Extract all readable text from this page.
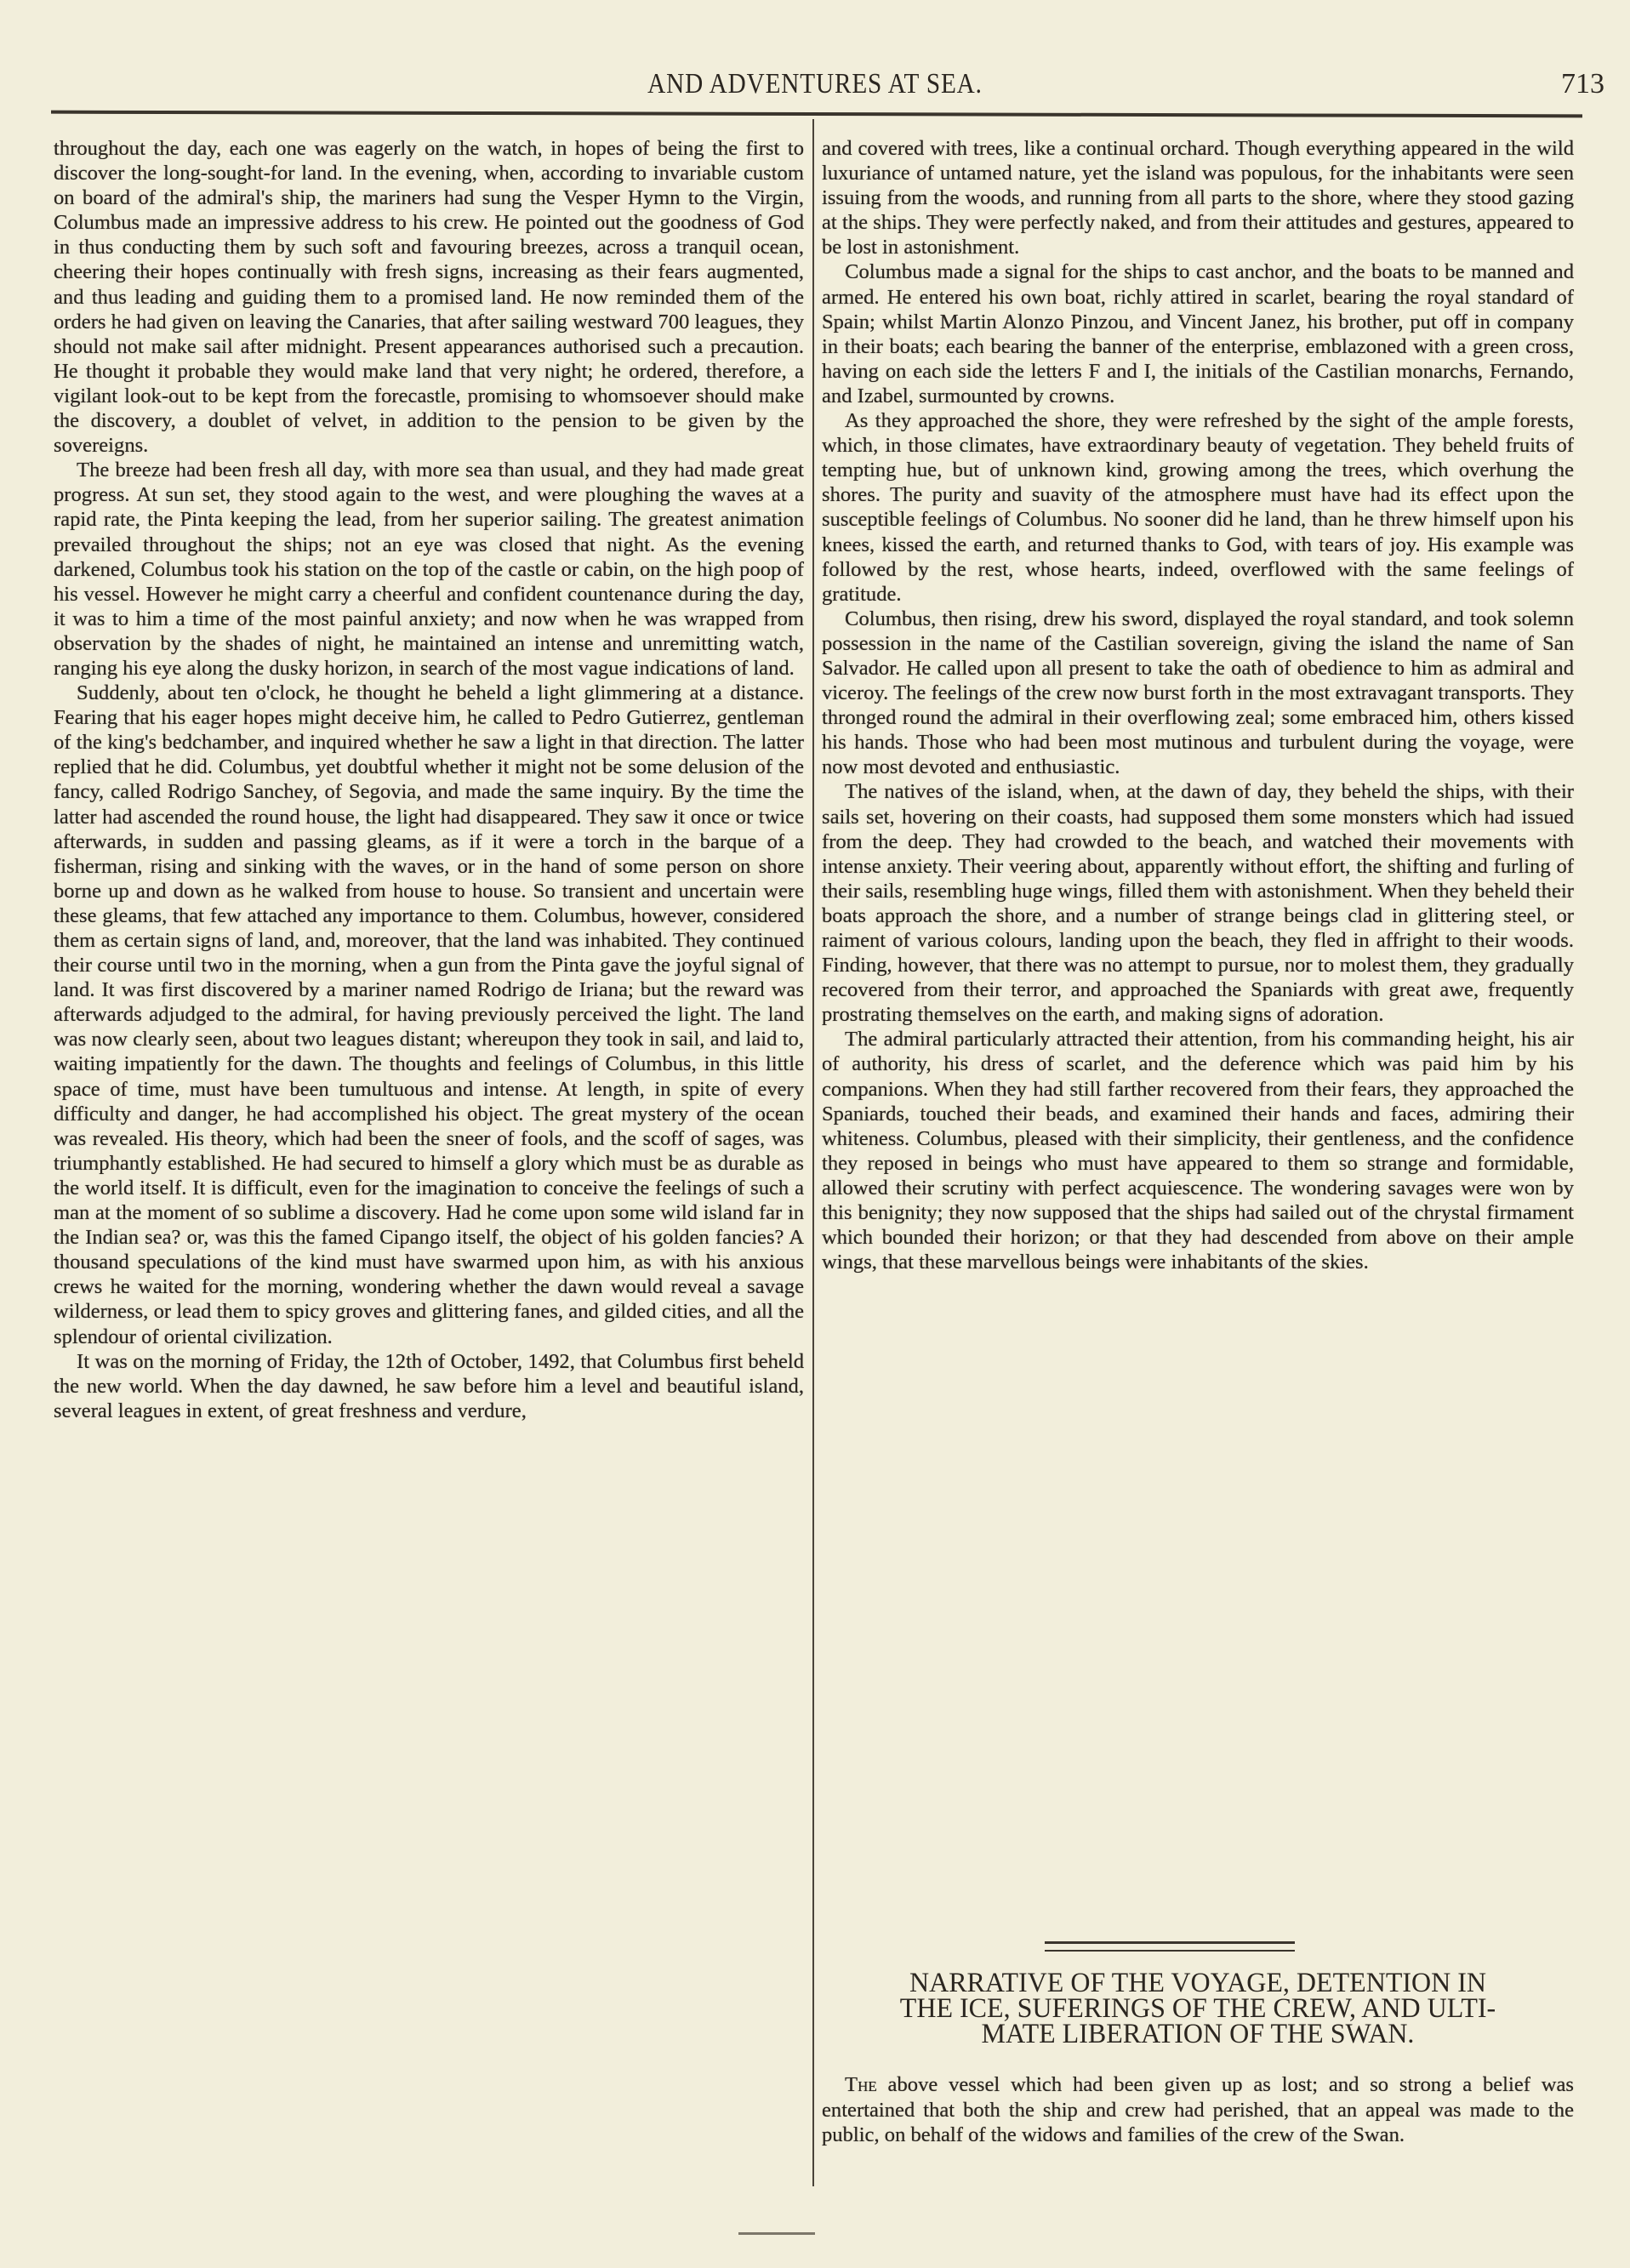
AND ADVENTURES AT SEA.	713

throughout the day, each one was eagerly on the watch, in hopes of being the first to discover the long-sought-for land. In the evening, when, according to invariable custom on board of the admiral's ship, the mariners had sung the Vesper Hymn to the Virgin, Columbus made an impressive address to his crew. He pointed out the goodness of God in thus conducting them by such soft and favouring breezes, across a tranquil ocean, cheering their hopes continually with fresh signs, increasing as their fears augmented, and thus leading and guiding them to a promised land. He now reminded them of the orders he had given on leaving the Canaries, that after sailing westward 700 leagues, they should not make sail after midnight. Present appearances authorised such a precaution. He thought it probable they would make land that very night; he ordered, therefore, a vigilant look-out to be kept from the forecastle, promising to whomsoever should make the discovery, a doublet of velvet, in addition to the pension to be given by the sovereigns.

The breeze had been fresh all day, with more sea than usual, and they had made great progress. At sun set, they stood again to the west, and were ploughing the waves at a rapid rate, the Pinta keeping the lead, from her superior sailing. The greatest animation prevailed throughout the ships; not an eye was closed that night. As the evening darkened, Columbus took his station on the top of the castle or cabin, on the high poop of his vessel. However he might carry a cheerful and confident countenance during the day, it was to him a time of the most painful anxiety; and now when he was wrapped from observation by the shades of night, he maintained an intense and unremitting watch, ranging his eye along the dusky horizon, in search of the most vague indications of land.

Suddenly, about ten o'clock, he thought he beheld a light glimmering at a distance. Fearing that his eager hopes might deceive him, he called to Pedro Gutierrez, gentleman of the king's bedchamber, and inquired whether he saw a light in that direction. The latter replied that he did. Columbus, yet doubtful whether it might not be some delusion of the fancy, called Rodrigo Sanchey, of Segovia, and made the same inquiry. By the time the latter had ascended the round house, the light had disappeared. They saw it once or twice afterwards, in sudden and passing gleams, as if it were a torch in the barque of a fisherman, rising and sinking with the waves, or in the hand of some person on shore borne up and down as he walked from house to house. So transient and uncertain were these gleams, that few attached any importance to them. Columbus, however, considered them as certain signs of land, and, moreover, that the land was inhabited. They continued their course until two in the morning, when a gun from the Pinta gave the joyful signal of land. It was first discovered by a mariner named Rodrigo de Iriana; but the reward was afterwards adjudged to the admiral, for having previously perceived the light. The land was now clearly seen, about two leagues distant; whereupon they took in sail, and laid to, waiting impatiently for the dawn. The thoughts and feelings of Columbus, in this little space of time, must have been tumultuous and intense. At length, in spite of every difficulty and danger, he had accomplished his object. The great mystery of the ocean was revealed. His theory, which had been the sneer of fools, and the scoff of sages, was triumphantly established. He had secured to himself a glory which must be as durable as the world itself. It is difficult, even for the imagination to conceive the feelings of such a man at the moment of so sublime a discovery. Had he come upon some wild island far in the Indian sea? or, was this the famed Cipango itself, the object of his golden fancies? A thousand speculations of the kind must have swarmed upon him, as with his anxious crews he waited for the morning, wondering whether the dawn would reveal a savage wilderness, or lead them to spicy groves and glittering fanes, and gilded cities, and all the splendour of oriental civilization.

It was on the morning of Friday, the 12th of October, 1492, that Columbus first beheld the new world. When the day dawned, he saw before him a level and beautiful island, several leagues in extent, of great freshness and verdure,

and covered with trees, like a continual orchard. Though everything appeared in the wild luxuriance of untamed nature, yet the island was populous, for the inhabitants were seen issuing from the woods, and running from all parts to the shore, where they stood gazing at the ships. They were perfectly naked, and from their attitudes and gestures, appeared to be lost in astonishment.

Columbus made a signal for the ships to cast anchor, and the boats to be manned and armed. He entered his own boat, richly attired in scarlet, bearing the royal standard of Spain; whilst Martin Alonzo Pinzou, and Vincent Janez, his brother, put off in company in their boats; each bearing the banner of the enterprise, emblazoned with a green cross, having on each side the letters F and I, the initials of the Castilian monarchs, Fernando, and Izabel, surmounted by crowns.

As they approached the shore, they were refreshed by the sight of the ample forests, which, in those climates, have extraordinary beauty of vegetation. They beheld fruits of tempting hue, but of unknown kind, growing among the trees, which overhung the shores. The purity and suavity of the atmosphere must have had its effect upon the susceptible feelings of Columbus. No sooner did he land, than he threw himself upon his knees, kissed the earth, and returned thanks to God, with tears of joy. His example was followed by the rest, whose hearts, indeed, overflowed with the same feelings of gratitude.

Columbus, then rising, drew his sword, displayed the royal standard, and took solemn possession in the name of the Castilian sovereign, giving the island the name of San Salvador. He called upon all present to take the oath of obedience to him as admiral and viceroy. The feelings of the crew now burst forth in the most extravagant transports. They thronged round the admiral in their overflowing zeal; some embraced him, others kissed his hands. Those who had been most mutinous and turbulent during the voyage, were now most devoted and enthusiastic.

The natives of the island, when, at the dawn of day, they beheld the ships, with their sails set, hovering on their coasts, had supposed them some monsters which had issued from the deep. They had crowded to the beach, and watched their movements with intense anxiety. Their veering about, apparently without effort, the shifting and furling of their sails, resembling huge wings, filled them with astonishment. When they beheld their boats approach the shore, and a number of strange beings clad in glittering steel, or raiment of various colours, landing upon the beach, they fled in affright to their woods. Finding, however, that there was no attempt to pursue, nor to molest them, they gradually recovered from their terror, and approached the Spaniards with great awe, frequently prostrating themselves on the earth, and making signs of adoration.

The admiral particularly attracted their attention, from his commanding height, his air of authority, his dress of scarlet, and the deference which was paid him by his companions. When they had still farther recovered from their fears, they approached the Spaniards, touched their beads, and examined their hands and faces, admiring their whiteness. Columbus, pleased with their simplicity, their gentleness, and the confidence they reposed in beings who must have appeared to them so strange and formidable, allowed their scrutiny with perfect acquiescence. The wondering savages were won by this benignity; they now supposed that the ships had sailed out of the chrystal firmament which bounded their horizon; or that they had descended from above on their ample wings, that these marvellous beings were inhabitants of the skies.

NARRATIVE OF THE VOYAGE, DETENTION IN
THE ICE, SUFERINGS OF THE CREW, AND ULTI-
MATE LIBERATION OF THE SWAN.
The above vessel which had been given up as lost; and so strong a belief was entertained that both the ship and crew had perished, that an appeal was made to the public, on behalf of the widows and families of the crew of the Swan.
